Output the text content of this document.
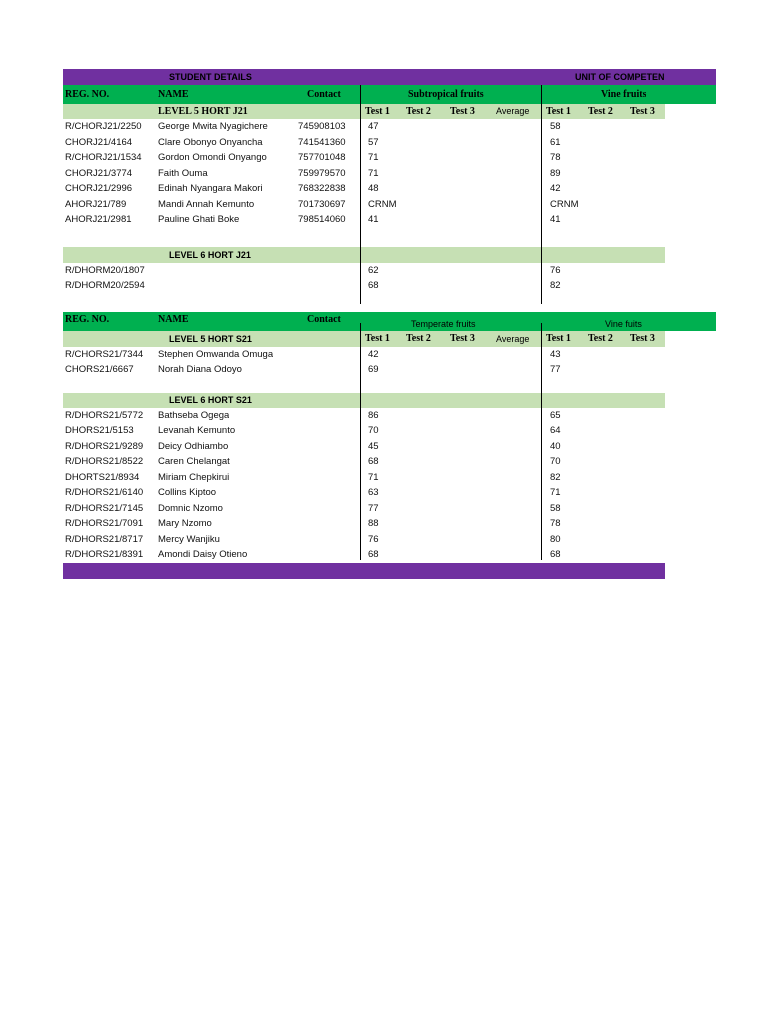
STUDENT DETAILS	UNIT OF COMPETEN
REG. NO.	NAME	Contact	Subtropical fruits	Vine fruits
LEVEL 5 HORT J21	Test 1 Test 2 Test 3 Average Test 1 Test 2 Test 3
R/CHORJ21/2250 George Mwita Nyagichere	745908103 47	58
CHORJ21/4164	Clare Obonyo Onyancha	741541360 57	61
R/CHORJ21/1534 Gordon Omondi Onyango	757701048 71	78
CHORJ21/3774	Faith Ouma	759979570 71	89
CHORJ21/2996	Edinah Nyangara Makori	768322838 48	42
AHORJ21/789	Mandi Annah Kemunto	701730697 CRNM	CRNM
AHORJ21/2981	Pauline Ghati Boke	798514060 41	41
LEVEL 6 HORT J21
R/DHORM20/1807	62	76
R/DHORM20/2594	68	82
REG. NO.	NAME	Contact	Temperate fruits	Vine fuits
LEVEL 5 HORT S21	Test 1 Test 2 Test 3 Average Test 1 Test 2 Test 3
R/CHORS21/7344 Stephen Omwanda Omuga	42	43
CHORS21/6667	Norah Diana Odoyo	69	77
LEVEL 6 HORT S21
R/DHORS21/5772 Bathseba Ogega	86	65
DHORS21/5153	Levanah Kemunto	70	64
R/DHORS21/9289 Deicy Odhiambo	45	40
R/DHORS21/8522 Caren Chelangat	68	70
DHORTS21/8934 Miriam Chepkirui	71	82
R/DHORS21/6140 Collins Kiptoo	63	71
R/DHORS21/7145 Domnic Nzomo	77	58
R/DHORS21/7091 Mary Nzomo	88	78
R/DHORS21/8717 Mercy Wanjiku	76	80
R/DHORS21/8391 Amondi Daisy Otieno	68	68
